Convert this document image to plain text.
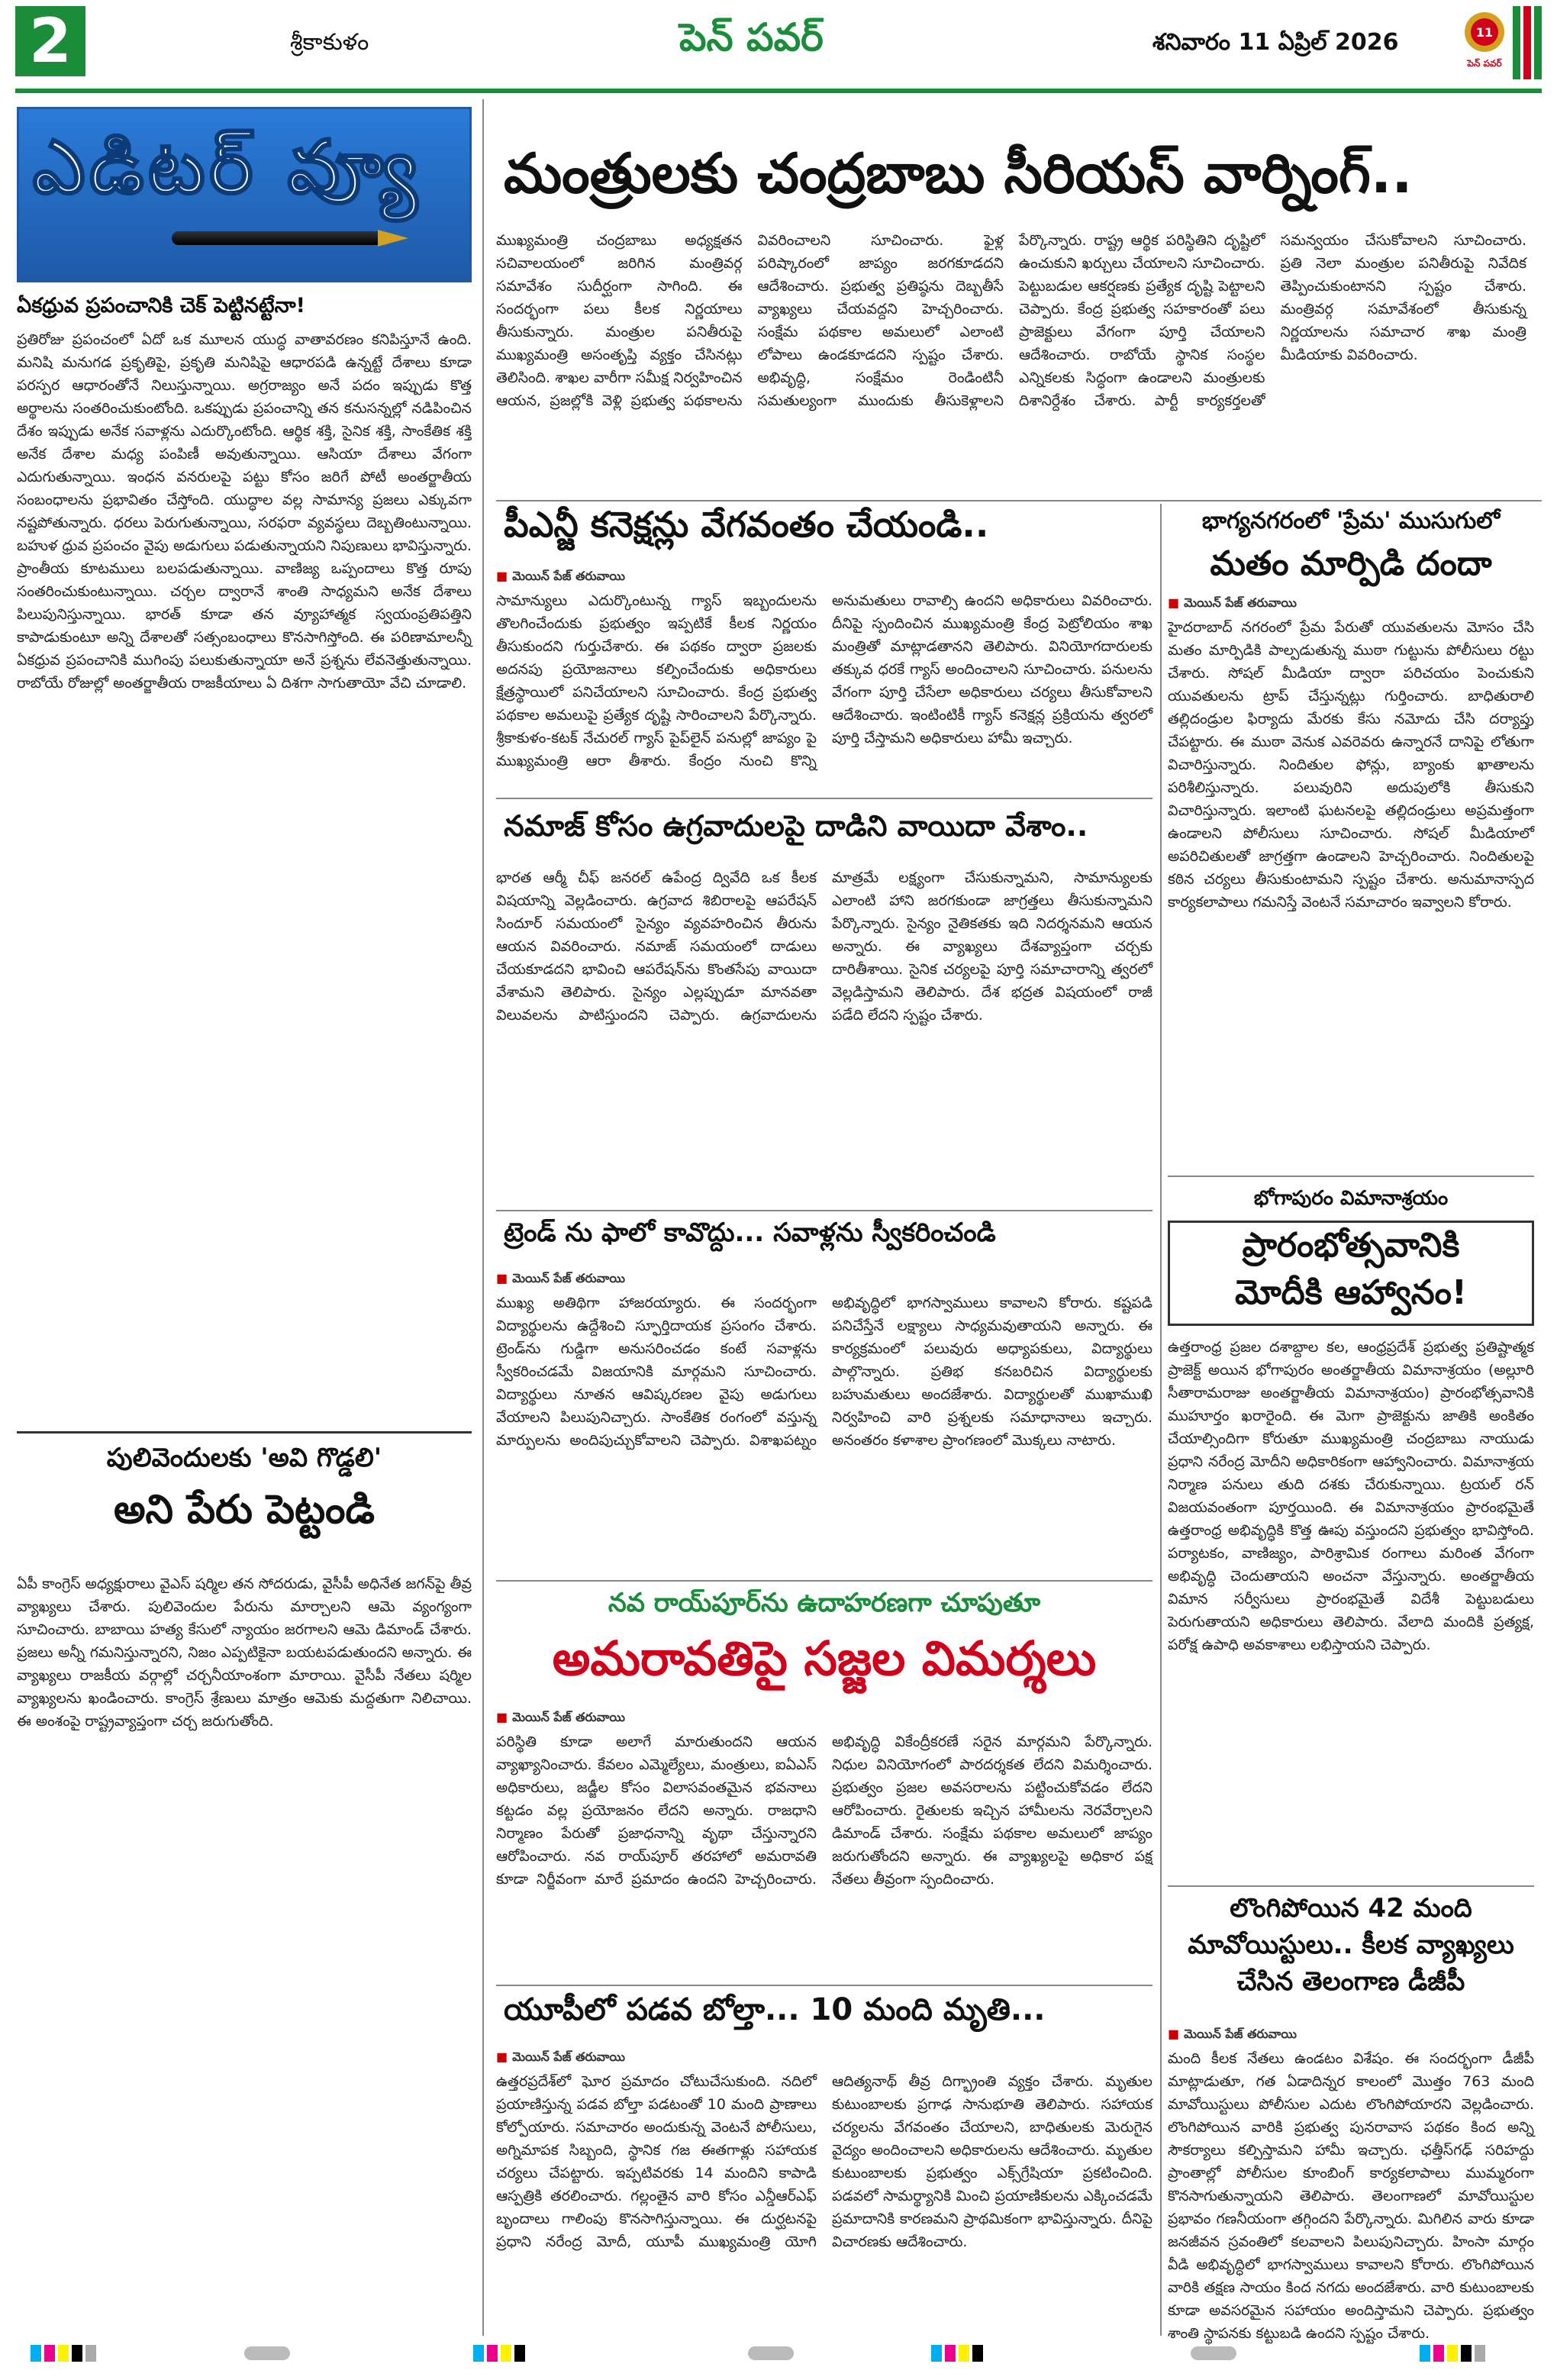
2	శ్రీకాకుళం	పెన్ పవర్	శనివారం 11 ఏప్రిల్ 2026	11
పెన్ పవర్
ఎడిటర్ వ్యూ
ఏకధ్రువ ప్రపంచానికి చెక్ పెట్టినట్టేనా!
ప్రతిరోజు ప్రపంచంలో ఏదో ఒక మూలన యుద్ధ వాతావరణం కనిపిస్తూనే ఉంది. మనిషి మనుగడ ప్రకృతిపై, ప్రకృతి మనిషిపై ఆధారపడి ఉన్నట్టే దేశాలు కూడా పరస్పర ఆధారంతోనే నిలుస్తున్నాయి. అగ్రరాజ్యం అనే పదం ఇప్పుడు కొత్త అర్థాలను సంతరించుకుంటోంది. ఒకప్పుడు ప్రపంచాన్ని తన కనుసన్నల్లో నడిపించిన దేశం ఇప్పుడు అనేక సవాళ్లను ఎదుర్కొంటోంది. ఆర్థిక శక్తి, సైనిక శక్తి, సాంకేతిక శక్తి అనేక దేశాల మధ్య పంపిణీ అవుతున్నాయి. ఆసియా దేశాలు వేగంగా ఎదుగుతున్నాయి. ఇంధన వనరులపై పట్టు కోసం జరిగే పోటీ అంతర్జాతీయ సంబంధాలను ప్రభావితం చేస్తోంది. యుద్ధాల వల్ల సామాన్య ప్రజలు ఎక్కువగా నష్టపోతున్నారు. ధరలు పెరుగుతున్నాయి, సరఫరా వ్యవస్థలు దెబ్బతింటున్నాయి. బహుళ ధ్రువ ప్రపంచం వైపు అడుగులు పడుతున్నాయని నిపుణులు భావిస్తున్నారు. ప్రాంతీయ కూటములు బలపడుతున్నాయి. వాణిజ్య ఒప్పందాలు కొత్త రూపు సంతరించుకుంటున్నాయి. చర్చల ద్వారానే శాంతి సాధ్యమని అనేక దేశాలు పిలుపునిస్తున్నాయి. భారత్ కూడా తన వ్యూహాత్మక స్వయంప్రతిపత్తిని కాపాడుకుంటూ అన్ని దేశాలతో సత్సంబంధాలు కొనసాగిస్తోంది. ఈ పరిణామాలన్నీ ఏకధ్రువ ప్రపంచానికి ముగింపు పలుకుతున్నాయా అనే ప్రశ్నను లేవనెత్తుతున్నాయి. రాబోయే రోజుల్లో అంతర్జాతీయ రాజకీయాలు ఏ దిశగా సాగుతాయో వేచి చూడాలి.
పులివెందులకు 'అవి గొడ్డలి'
అని పేరు పెట్టండి
ఏపీ కాంగ్రెస్ అధ్యక్షురాలు వైఎస్ షర్మిల తన సోదరుడు, వైసీపీ అధినేత జగన్‌పై తీవ్ర వ్యాఖ్యలు చేశారు. పులివెందుల పేరును మార్చాలని ఆమె వ్యంగ్యంగా సూచించారు. బాబాయి హత్య కేసులో న్యాయం జరగాలని ఆమె డిమాండ్ చేశారు. ప్రజలు అన్నీ గమనిస్తున్నారని, నిజం ఎప్పటికైనా బయటపడుతుందని అన్నారు. ఈ వ్యాఖ్యలు రాజకీయ వర్గాల్లో చర్చనీయాంశంగా మారాయి. వైసీపీ నేతలు షర్మిల వ్యాఖ్యలను ఖండించారు. కాంగ్రెస్ శ్రేణులు మాత్రం ఆమెకు మద్దతుగా నిలిచాయి. ఈ అంశంపై రాష్ట్రవ్యాప్తంగా చర్చ జరుగుతోంది.
మంత్రులకు చంద్రబాబు సీరియస్ వార్నింగ్..
ముఖ్యమంత్రి చంద్రబాబు అధ్యక్షతన సచివాలయంలో జరిగిన మంత్రివర్గ సమావేశం సుదీర్ఘంగా సాగింది. ఈ సందర్భంగా పలు కీలక నిర్ణయాలు తీసుకున్నారు. మంత్రుల పనితీరుపై ముఖ్యమంత్రి అసంతృప్తి వ్యక్తం చేసినట్లు తెలిసింది. శాఖల వారీగా సమీక్ష నిర్వహించిన ఆయన, ప్రజల్లోకి వెళ్లి ప్రభుత్వ పథకాలను వివరించాలని సూచించారు. ఫైళ్ల పరిష్కారంలో జాప్యం జరగకూడదని ఆదేశించారు. ప్రభుత్వ ప్రతిష్ఠను దెబ్బతీసే వ్యాఖ్యలు చేయవద్దని హెచ్చరించారు. సంక్షేమ పథకాల అమలులో ఎలాంటి లోపాలు ఉండకూడదని స్పష్టం చేశారు. అభివృద్ధి, సంక్షేమం రెండింటినీ సమతుల్యంగా ముందుకు తీసుకెళ్లాలని పేర్కొన్నారు. రాష్ట్ర ఆర్థిక పరిస్థితిని దృష్టిలో ఉంచుకుని ఖర్చులు చేయాలని సూచించారు. పెట్టుబడుల ఆకర్షణకు ప్రత్యేక దృష్టి పెట్టాలని చెప్పారు. కేంద్ర ప్రభుత్వ సహకారంతో పలు ప్రాజెక్టులు వేగంగా పూర్తి చేయాలని ఆదేశించారు. రాబోయే స్థానిక సంస్థల ఎన్నికలకు సిద్ధంగా ఉండాలని మంత్రులకు దిశానిర్దేశం చేశారు. పార్టీ కార్యకర్తలతో సమన్వయం చేసుకోవాలని సూచించారు. ప్రతి నెలా మంత్రుల పనితీరుపై నివేదిక తెప్పించుకుంటానని స్పష్టం చేశారు. మంత్రివర్గ సమావేశంలో తీసుకున్న నిర్ణయాలను సమాచార శాఖ మంత్రి మీడియాకు వివరించారు.
పీఎన్జీ కనెక్షన్లు వేగవంతం చేయండి..
■ మెయిన్ పేజ్ తరువాయి
సామాన్యులు ఎదుర్కొంటున్న గ్యాస్ ఇబ్బందులను తొలగించేందుకు ప్రభుత్వం ఇప్పటికే కీలక నిర్ణయం తీసుకుందని గుర్తుచేశారు. ఈ పథకం ద్వారా ప్రజలకు అదనపు ప్రయోజనాలు కల్పించేందుకు అధికారులు క్షేత్రస్థాయిలో పనిచేయాలని సూచించారు. కేంద్ర ప్రభుత్వ పథకాల అమలుపై ప్రత్యేక దృష్టి సారించాలని పేర్కొన్నారు. శ్రీకాకుళం-కటక్ నేచురల్ గ్యాస్ పైప్‌లైన్ పనుల్లో జాప్యం పై ముఖ్యమంత్రి ఆరా తీశారు. కేంద్రం నుంచి కొన్ని అనుమతులు రావాల్సి ఉందని అధికారులు వివరించారు. దీనిపై స్పందించిన ముఖ్యమంత్రి కేంద్ర పెట్రోలియం శాఖ మంత్రితో మాట్లాడతానని తెలిపారు. వినియోగదారులకు తక్కువ ధరకే గ్యాస్ అందించాలని సూచించారు. పనులను వేగంగా పూర్తి చేసేలా అధికారులు చర్యలు తీసుకోవాలని ఆదేశించారు. ఇంటింటికీ గ్యాస్ కనెక్షన్ల ప్రక్రియను త్వరలో పూర్తి చేస్తామని అధికారులు హామీ ఇచ్చారు.
నమాజ్ కోసం ఉగ్రవాదులపై దాడిని వాయిదా వేశాం..
భారత ఆర్మీ చీఫ్ జనరల్ ఉపేంద్ర ద్వివేది ఒక కీలక విషయాన్ని వెల్లడించారు. ఉగ్రవాద శిబిరాలపై ఆపరేషన్ సిందూర్ సమయంలో సైన్యం వ్యవహరించిన తీరును ఆయన వివరించారు. నమాజ్ సమయంలో దాడులు చేయకూడదని భావించి ఆపరేషన్‌ను కొంతసేపు వాయిదా వేశామని తెలిపారు. సైన్యం ఎల్లప్పుడూ మానవతా విలువలను పాటిస్తుందని చెప్పారు. ఉగ్రవాదులను మాత్రమే లక్ష్యంగా చేసుకున్నామని, సామాన్యులకు ఎలాంటి హాని జరగకుండా జాగ్రత్తలు తీసుకున్నామని పేర్కొన్నారు. సైన్యం నైతికతకు ఇది నిదర్శనమని ఆయన అన్నారు. ఈ వ్యాఖ్యలు దేశవ్యాప్తంగా చర్చకు దారితీశాయి. సైనిక చర్యలపై పూర్తి సమాచారాన్ని త్వరలో వెల్లడిస్తామని తెలిపారు. దేశ భద్రత విషయంలో రాజీ పడేది లేదని స్పష్టం చేశారు.
ట్రెండ్ ను ఫాలో కావొద్దు... సవాళ్లను స్వీకరించండి
■ మెయిన్ పేజ్ తరువాయి
ముఖ్య అతిథిగా హాజరయ్యారు. ఈ సందర్భంగా విద్యార్థులను ఉద్దేశించి స్ఫూర్తిదాయక ప్రసంగం చేశారు. ట్రెండ్‌ను గుడ్డిగా అనుసరించడం కంటే సవాళ్లను స్వీకరించడమే విజయానికి మార్గమని సూచించారు. విద్యార్థులు నూతన ఆవిష్కరణల వైపు అడుగులు వేయాలని పిలుపునిచ్చారు. సాంకేతిక రంగంలో వస్తున్న మార్పులను అందిపుచ్చుకోవాలని చెప్పారు. విశాఖపట్నం అభివృద్ధిలో భాగస్వాములు కావాలని కోరారు. కష్టపడి పనిచేస్తేనే లక్ష్యాలు సాధ్యమవుతాయని అన్నారు. ఈ కార్యక్రమంలో పలువురు అధ్యాపకులు, విద్యార్థులు పాల్గొన్నారు. ప్రతిభ కనబరిచిన విద్యార్థులకు బహుమతులు అందజేశారు. విద్యార్థులతో ముఖాముఖి నిర్వహించి వారి ప్రశ్నలకు సమాధానాలు ఇచ్చారు. అనంతరం కళాశాల ప్రాంగణంలో మొక్కలు నాటారు.
నవ రాయ్‌పూర్‌ను ఉదాహరణగా చూపుతూ
అమరావతిపై సజ్జల విమర్శలు
■ మెయిన్ పేజ్ తరువాయి
పరిస్థితి కూడా అలాగే మారుతుందని ఆయన వ్యాఖ్యానించారు. కేవలం ఎమ్మెల్యేలు, మంత్రులు, ఐఏఎస్ అధికారులు, జడ్జీల కోసం విలాసవంతమైన భవనాలు కట్టడం వల్ల ప్రయోజనం లేదని అన్నారు. రాజధాని నిర్మాణం పేరుతో ప్రజాధనాన్ని వృథా చేస్తున్నారని ఆరోపించారు. నవ రాయ్‌పూర్ తరహాలో అమరావతి కూడా నిర్జీవంగా మారే ప్రమాదం ఉందని హెచ్చరించారు. అభివృద్ధి వికేంద్రీకరణే సరైన మార్గమని పేర్కొన్నారు. నిధుల వినియోగంలో పారదర్శకత లేదని విమర్శించారు. ప్రభుత్వం ప్రజల అవసరాలను పట్టించుకోవడం లేదని ఆరోపించారు. రైతులకు ఇచ్చిన హామీలను నెరవేర్చాలని డిమాండ్ చేశారు. సంక్షేమ పథకాల అమలులో జాప్యం జరుగుతోందని అన్నారు. ఈ వ్యాఖ్యలపై అధికార పక్ష నేతలు తీవ్రంగా స్పందించారు.
యూపీలో పడవ బోల్తా... 10 మంది మృతి...
■ మెయిన్ పేజ్ తరువాయి
ఉత్తరప్రదేశ్‌లో ఘోర ప్రమాదం చోటుచేసుకుంది. నదిలో ప్రయాణిస్తున్న పడవ బోల్తా పడటంతో 10 మంది ప్రాణాలు కోల్పోయారు. సమాచారం అందుకున్న వెంటనే పోలీసులు, అగ్నిమాపక సిబ్బంది, స్థానిక గజ ఈతగాళ్లు సహాయక చర్యలు చేపట్టారు. ఇప్పటివరకు 14 మందిని కాపాడి ఆస్పత్రికి తరలించారు. గల్లంతైన వారి కోసం ఎన్డీఆర్ఎఫ్ బృందాలు గాలింపు కొనసాగిస్తున్నాయి. ఈ దుర్ఘటనపై ప్రధాని నరేంద్ర మోదీ, యూపీ ముఖ్యమంత్రి యోగి ఆదిత్యనాథ్ తీవ్ర దిగ్భ్రాంతి వ్యక్తం చేశారు. మృతుల కుటుంబాలకు ప్రగాఢ సానుభూతి తెలిపారు. సహాయక చర్యలను వేగవంతం చేయాలని, బాధితులకు మెరుగైన వైద్యం అందించాలని అధికారులను ఆదేశించారు. మృతుల కుటుంబాలకు ప్రభుత్వం ఎక్స్‌గ్రేషియా ప్రకటించింది. పడవలో సామర్థ్యానికి మించి ప్రయాణికులను ఎక్కించడమే ప్రమాదానికి కారణమని ప్రాథమికంగా భావిస్తున్నారు. దీనిపై విచారణకు ఆదేశించారు.
భాగ్యనగరంలో 'ప్రేమ' ముసుగులో
మతం మార్పిడి దందా
■ మెయిన్ పేజ్ తరువాయి
హైదరాబాద్ నగరంలో ప్రేమ పేరుతో యువతులను మోసం చేసి మతం మార్పిడికి పాల్పడుతున్న ముఠా గుట్టును పోలీసులు రట్టు చేశారు. సోషల్ మీడియా ద్వారా పరిచయం పెంచుకుని యువతులను ట్రాప్ చేస్తున్నట్లు గుర్తించారు. బాధితురాలి తల్లిదండ్రుల ఫిర్యాదు మేరకు కేసు నమోదు చేసి దర్యాప్తు చేపట్టారు. ఈ ముఠా వెనుక ఎవరెవరు ఉన్నారనే దానిపై లోతుగా విచారిస్తున్నారు. నిందితుల ఫోన్లు, బ్యాంకు ఖాతాలను పరిశీలిస్తున్నారు. పలువురిని అదుపులోకి తీసుకుని విచారిస్తున్నారు. ఇలాంటి ఘటనలపై తల్లిదండ్రులు అప్రమత్తంగా ఉండాలని పోలీసులు సూచించారు. సోషల్ మీడియాలో అపరిచితులతో జాగ్రత్తగా ఉండాలని హెచ్చరించారు. నిందితులపై కఠిన చర్యలు తీసుకుంటామని స్పష్టం చేశారు. అనుమానాస్పద కార్యకలాపాలు గమనిస్తే వెంటనే సమాచారం ఇవ్వాలని కోరారు.
భోగాపురం విమానాశ్రయం
ప్రారంభోత్సవానికి
మోదీకి ఆహ్వానం!
ఉత్తరాంధ్ర ప్రజల దశాబ్దాల కల, ఆంధ్రప్రదేశ్ ప్రభుత్వ ప్రతిష్టాత్మక ప్రాజెక్ట్ అయిన భోగాపురం అంతర్జాతీయ విమానాశ్రయం (అల్లూరి సీతారామరాజు అంతర్జాతీయ విమానాశ్రయం) ప్రారంభోత్సవానికి ముహూర్తం ఖరారైంది. ఈ మెగా ప్రాజెక్టును జాతికి అంకితం చేయాల్సిందిగా కోరుతూ ముఖ్యమంత్రి చంద్రబాబు నాయుడు ప్రధాని నరేంద్ర మోదీని అధికారికంగా ఆహ్వానించారు. విమానాశ్రయ నిర్మాణ పనులు తుది దశకు చేరుకున్నాయి. ట్రయల్ రన్ విజయవంతంగా పూర్తయింది. ఈ విమానాశ్రయం ప్రారంభమైతే ఉత్తరాంధ్ర అభివృద్ధికి కొత్త ఊపు వస్తుందని ప్రభుత్వం భావిస్తోంది. పర్యాటకం, వాణిజ్యం, పారిశ్రామిక రంగాలు మరింత వేగంగా అభివృద్ధి చెందుతాయని అంచనా వేస్తున్నారు. అంతర్జాతీయ విమాన సర్వీసులు ప్రారంభమైతే విదేశీ పెట్టుబడులు పెరుగుతాయని అధికారులు తెలిపారు. వేలాది మందికి ప్రత్యక్ష, పరోక్ష ఉపాధి అవకాశాలు లభిస్తాయని చెప్పారు.
లొంగిపోయిన 42 మంది
మావోయిస్టులు.. కీలక వ్యాఖ్యలు
చేసిన తెలంగాణ డీజీపీ
■ మెయిన్ పేజ్ తరువాయి
మంది కీలక నేతలు ఉండటం విశేషం. ఈ సందర్భంగా డీజీపీ మాట్లాడుతూ, గత ఏడాదిన్నర కాలంలో మొత్తం 763 మంది మావోయిస్టులు పోలీసుల ఎదుట లొంగిపోయారని వెల్లడించారు. లొంగిపోయిన వారికి ప్రభుత్వ పునరావాస పథకం కింద అన్ని సౌకర్యాలు కల్పిస్తామని హామీ ఇచ్చారు. ఛత్తీస్‌గఢ్ సరిహద్దు ప్రాంతాల్లో పోలీసుల కూంబింగ్ కార్యకలాపాలు ముమ్మరంగా కొనసాగుతున్నాయని తెలిపారు. తెలంగాణలో మావోయిస్టుల ప్రభావం గణనీయంగా తగ్గిందని పేర్కొన్నారు. మిగిలిన వారు కూడా జనజీవన స్రవంతిలో కలవాలని పిలుపునిచ్చారు. హింసా మార్గం వీడి అభివృద్ధిలో భాగస్వాములు కావాలని కోరారు. లొంగిపోయిన వారికి తక్షణ సాయం కింద నగదు అందజేశారు. వారి కుటుంబాలకు కూడా అవసరమైన సహాయం అందిస్తామని చెప్పారు. ప్రభుత్వం శాంతి స్థాపనకు కట్టుబడి ఉందని స్పష్టం చేశారు.
